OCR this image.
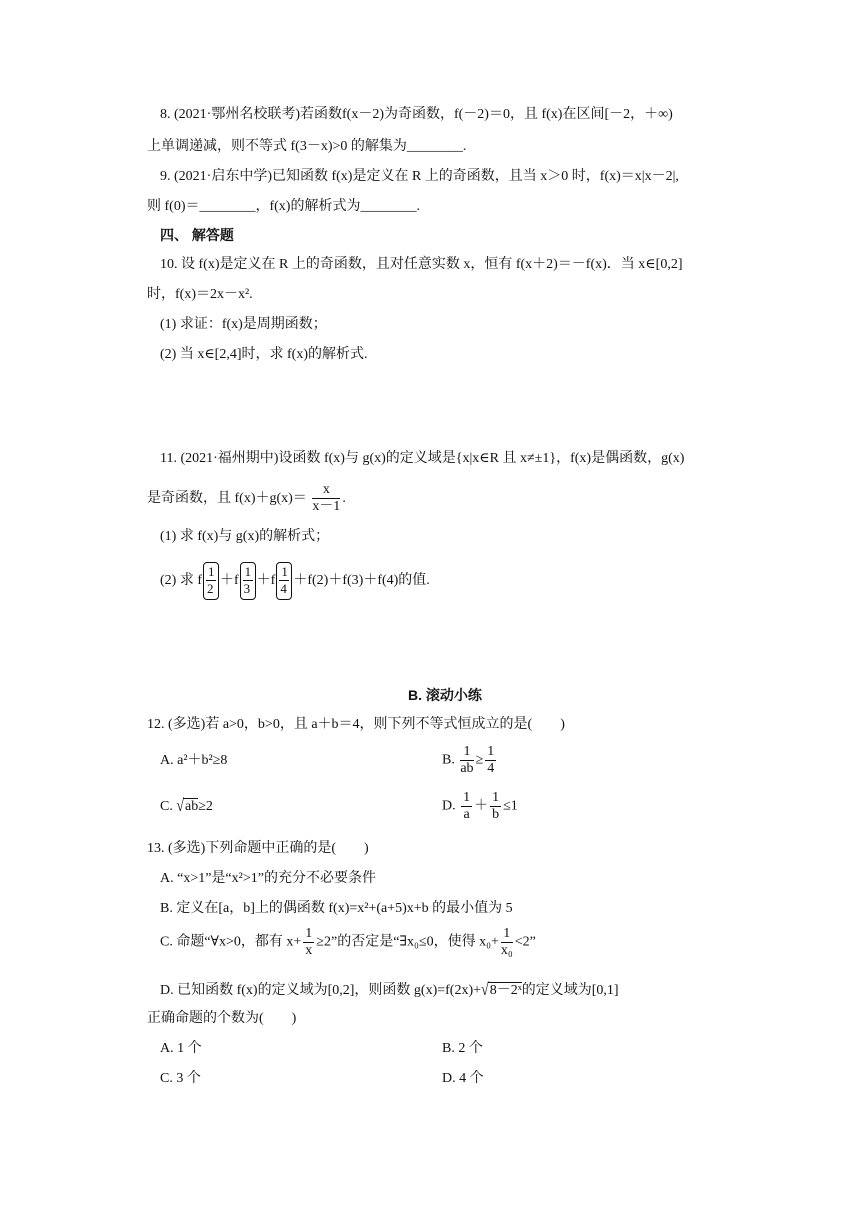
8. (2021·鄂州名校联考)若函数f(x－2)为奇函数，f(－2)＝0，且 f(x)在区间[－2，＋∞)
上单调递减，则不等式 f(3－x)>0 的解集为________.
9. (2021·启东中学)已知函数 f(x)是定义在 R 上的奇函数，且当 x＞0 时，f(x)＝x|x－2|,
则 f(0)＝________，f(x)的解析式为________.
四、 解答题
10. 设 f(x)是定义在 R 上的奇函数，且对任意实数 x，恒有 f(x＋2)＝－f(x)．当 x∈[0,2]
时，f(x)＝2x－x².
(1) 求证：f(x)是周期函数；
(2) 当 x∈[2,4]时，求 f(x)的解析式.
11. (2021·福州期中)设函数 f(x)与 g(x)的定义域是{x|x∈R 且 x≠±1}，f(x)是偶函数，g(x)
是奇函数，且 $f(x)+g(x)= \frac{x}{x-1}$ .
(1) 求 f(x)与 g(x)的解析式；
(2) 求 f $\frac{1}{2} +f \frac{1}{3} +f \frac{1}{4} +f(2)+f(3)+f(4)$的值.
B. 滚动小练
12. (多选)若 a>0，b>0，且 a＋b＝4，则下列不等式恒成立的是(　　)
A. a²＋b²≥8	B. $\frac{1}{ab} \ge \frac{1}{4}$
C. √ab≥2	D. $\frac{1}{a} + \frac{1}{b} \le 1$
13. (多选)下列命题中正确的是(　　)
A. “x>1”是“x²>1”的充分不必要条件
B. 定义在[a，b]上的偶函数 f(x)=x²+(a+5)x+b 的最小值为 5
C. 命题“∀x>0，都有 $x+ \frac{1}{x} \ge 2$”的否定是“∃x₀≤0，使得 $x_0+ \frac{1}{\text{x₀}} <2$”
D. 已知函数 f(x)的定义域为[0,2]，则函数 g(x)=f(2x)+√8－2ˣ的定义域为[0,1]
正确命题的个数为(　　)
A. 1 个	B. 2 个
C. 3 个	D. 4 个
